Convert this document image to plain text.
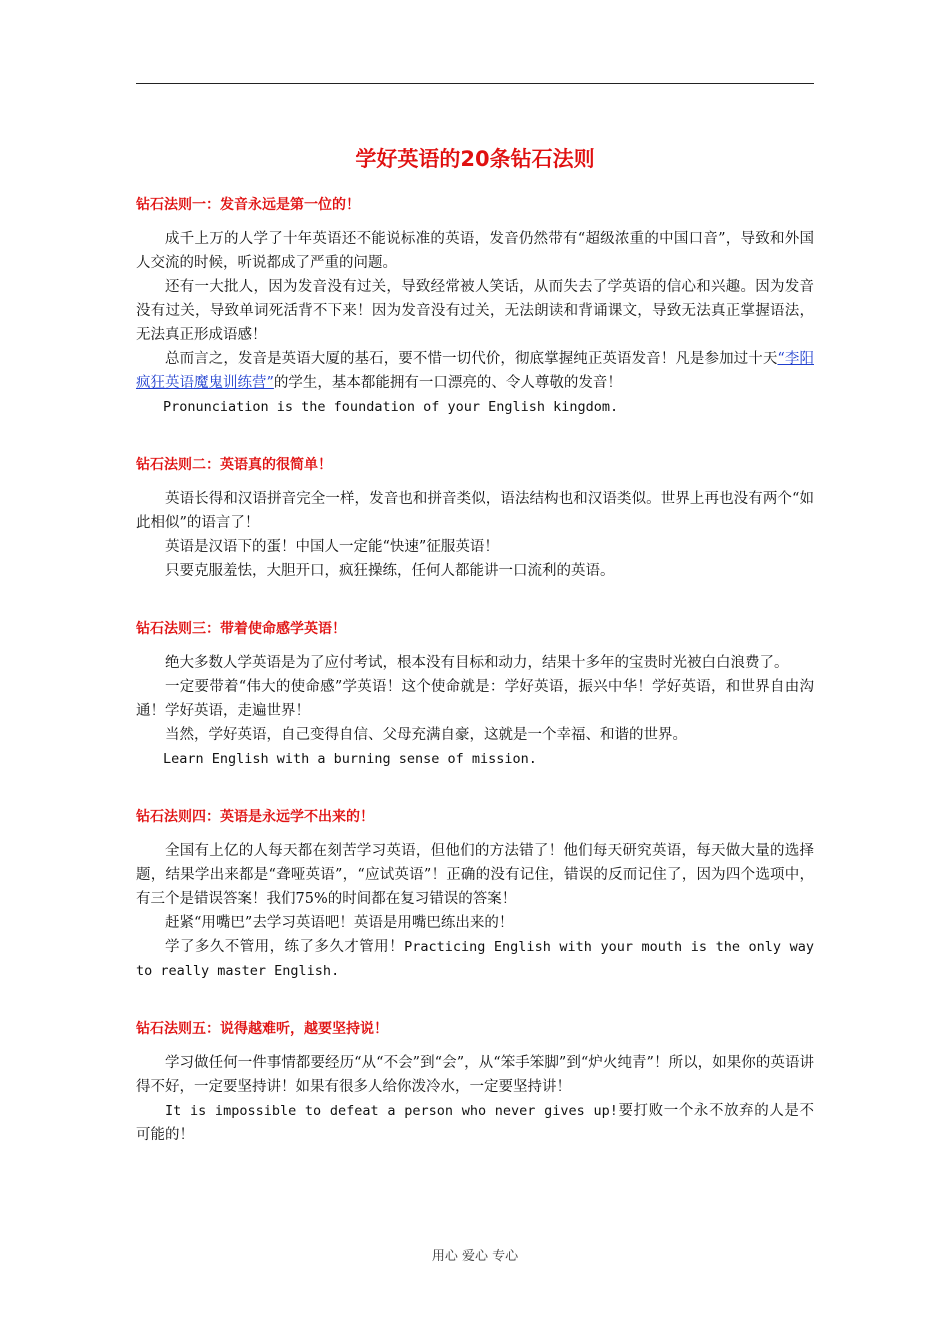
学好英语的20条钻石法则
钻石法则一：发音永远是第一位的！

成千上万的人学了十年英语还不能说标准的英语，发音仍然带有“超级浓重的中国口音”，导致和外国人交流的时候，听说都成了严重的问题。

还有一大批人，因为发音没有过关，导致经常被人笑话，从而失去了学英语的信心和兴趣。因为发音没有过关，导致单词死活背不下来！因为发音没有过关，无法朗读和背诵课文，导致无法真正掌握语法，无法真正形成语感！

总而言之，发音是英语大厦的基石，要不惜一切代价，彻底掌握纯正英语发音！凡是参加过十天“李阳疯狂英语魔鬼训练营”的学生，基本都能拥有一口漂亮的、令人尊敬的发音！

Pronunciation is the foundation of your English kingdom.

钻石法则二：英语真的很简单！

英语长得和汉语拼音完全一样，发音也和拼音类似，语法结构也和汉语类似。世界上再也没有两个“如此相似”的语言了！

英语是汉语下的蛋！中国人一定能“快速”征服英语！

只要克服羞怯，大胆开口，疯狂操练，任何人都能讲一口流利的英语。

钻石法则三：带着使命感学英语！

绝大多数人学英语是为了应付考试，根本没有目标和动力，结果十多年的宝贵时光被白白浪费了。

一定要带着“伟大的使命感”学英语！这个使命就是：学好英语，振兴中华！学好英语，和世界自由沟通！学好英语，走遍世界！

当然，学好英语，自己变得自信、父母充满自豪，这就是一个幸福、和谐的世界。

Learn English with a burning sense of mission.

钻石法则四：英语是永远学不出来的！

全国有上亿的人每天都在刻苦学习英语，但他们的方法错了！他们每天研究英语，每天做大量的选择题，结果学出来都是“聋哑英语”，“应试英语”！正确的没有记住，错误的反而记住了，因为四个选项中，有三个是错误答案！我们75%的时间都在复习错误的答案！

赶紧“用嘴巴”去学习英语吧！英语是用嘴巴练出来的！

学了多久不管用，练了多久才管用！Practicing English with your mouth is the only way to really master English.

钻石法则五：说得越难听，越要坚持说！

学习做任何一件事情都要经历“从“不会”到“会”，从“笨手笨脚”到“炉火纯青”！所以，如果你的英语讲得不好，一定要坚持讲！如果有很多人给你泼冷水，一定要坚持讲！

It is impossible to defeat a person who never gives up!要打败一个永不放弃的人是不可能的！

用心 爱心 专心
